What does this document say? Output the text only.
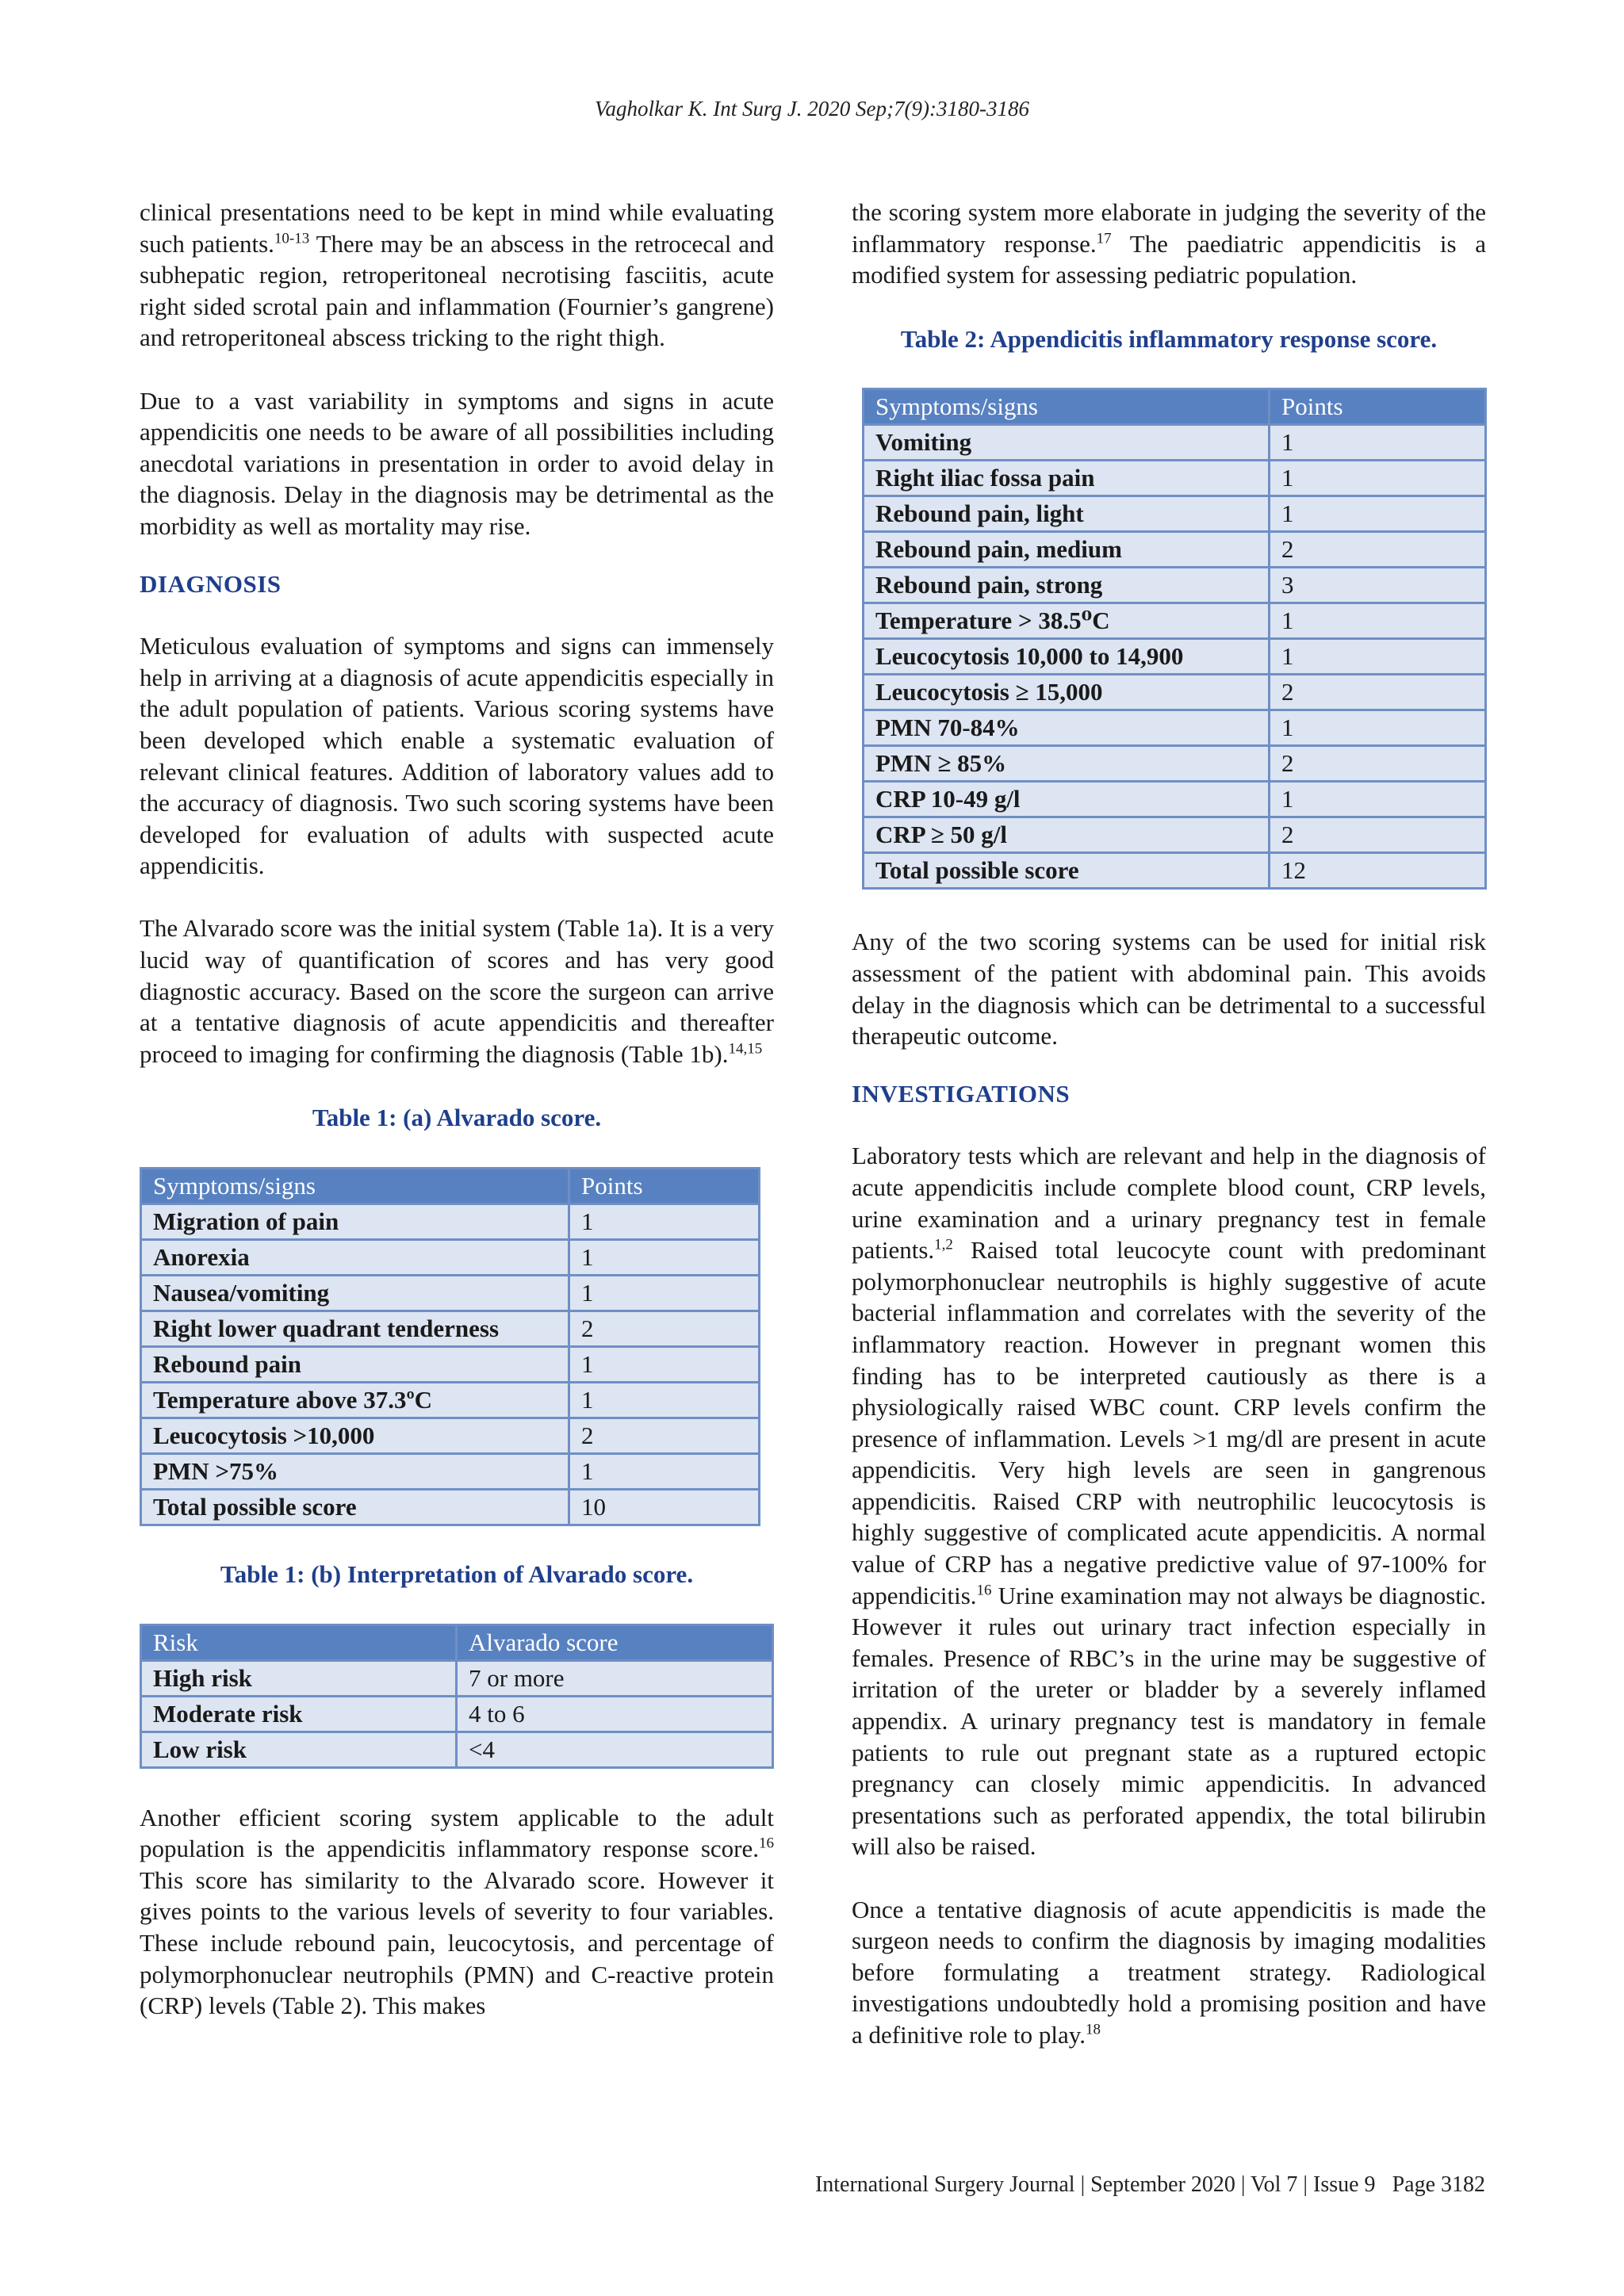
Vagholkar K. Int Surg J. 2020 Sep;7(9):3180-3186

clinical presentations need to be kept in mind while evaluating such patients.$^{10-13}$ There may be an abscess in the retrocecal and subhepatic region, retroperitoneal necrotising fasciitis, acute right sided scrotal pain and inflammation (Fournier’s gangrene) and retroperitoneal abscess tricking to the right thigh.

Due to a vast variability in symptoms and signs in acute appendicitis one needs to be aware of all possibilities including anecdotal variations in presentation in order to avoid delay in the diagnosis. Delay in the diagnosis may be detrimental as the morbidity as well as mortality may rise.

DIAGNOSIS

Meticulous evaluation of symptoms and signs can immensely help in arriving at a diagnosis of acute appendicitis especially in the adult population of patients. Various scoring systems have been developed which enable a systematic evaluation of relevant clinical features. Addition of laboratory values add to the accuracy of diagnosis. Two such scoring systems have been developed for evaluation of adults with suspected acute appendicitis.

The Alvarado score was the initial system (Table 1a). It is a very lucid way of quantification of scores and has very good diagnostic accuracy. Based on the score the surgeon can arrive at a tentative diagnosis of acute appendicitis and thereafter proceed to imaging for confirming the diagnosis (Table 1b).$^{14,15}$

Table 1: (a) Alvarado score.
Symptoms/signs	Points
Migration of pain	1
Anorexia	1
Nausea/vomiting	1
Right lower quadrant tenderness	2
Rebound pain	1
Temperature above 37.3ºC	1
Leucocytosis >10,000	2
PMN >75%	1
Total possible score	10
Table 1: (b) Interpretation of Alvarado score.
Risk	Alvarado score
High risk	7 or more
Moderate risk	4 to 6
Low risk	<4

Another efficient scoring system applicable to the adult population is the appendicitis inflammatory response score.$^{16}$ This score has similarity to the Alvarado score. However it gives points to the various levels of severity to four variables. These include rebound pain, leucocytosis, and percentage of polymorphonuclear neutrophils (PMN) and C-reactive protein (CRP) levels (Table 2). This makes

the scoring system more elaborate in judging the severity of the inflammatory response.$^{17}$ The paediatric appendicitis is a modified system for assessing pediatric population.

Table 2: Appendicitis inflammatory response score.
Symptoms/signs	Points
Vomiting	1
Right iliac fossa pain	1
Rebound pain, light	1
Rebound pain, medium	2
Rebound pain, strong	3
Temperature > 38.5⁰C	1
Leucocytosis 10,000 to 14,900	1
Leucocytosis ≥ 15,000	2
PMN 70-84%	1
PMN ≥ 85%	2
CRP 10-49 g/l	1
CRP ≥ 50 g/l	2
Total possible score	12

Any of the two scoring systems can be used for initial risk assessment of the patient with abdominal pain. This avoids delay in the diagnosis which can be detrimental to a successful therapeutic outcome.

INVESTIGATIONS

Laboratory tests which are relevant and help in the diagnosis of acute appendicitis include complete blood count, CRP levels, urine examination and a urinary pregnancy test in female patients.$^{1,2}$ Raised total leucocyte count with predominant polymorphonuclear neutrophils is highly suggestive of acute bacterial inflammation and correlates with the severity of the inflammatory reaction. However in pregnant women this finding has to be interpreted cautiously as there is a physiologically raised WBC count. CRP levels confirm the presence of inflammation. Levels >1 mg/dl are present in acute appendicitis. Very high levels are seen in gangrenous appendicitis. Raised CRP with neutrophilic leucocytosis is highly suggestive of complicated acute appendicitis. A normal value of CRP has a negative predictive value of 97-100% for appendicitis.$^{16}$ Urine examination may not always be diagnostic. However it rules out urinary tract infection especially in females. Presence of RBC’s in the urine may be suggestive of irritation of the ureter or bladder by a severely inflamed appendix. A urinary pregnancy test is mandatory in female patients to rule out pregnant state as a ruptured ectopic pregnancy can closely mimic appendicitis. In advanced presentations such as perforated appendix, the total bilirubin will also be raised.

Once a tentative diagnosis of acute appendicitis is made the surgeon needs to confirm the diagnosis by imaging modalities before formulating a treatment strategy. Radiological investigations undoubtedly hold a promising position and have a definitive role to play.$^{18}$

International Surgery Journal | September 2020 | Vol 7 | Issue 9 Page 3182
